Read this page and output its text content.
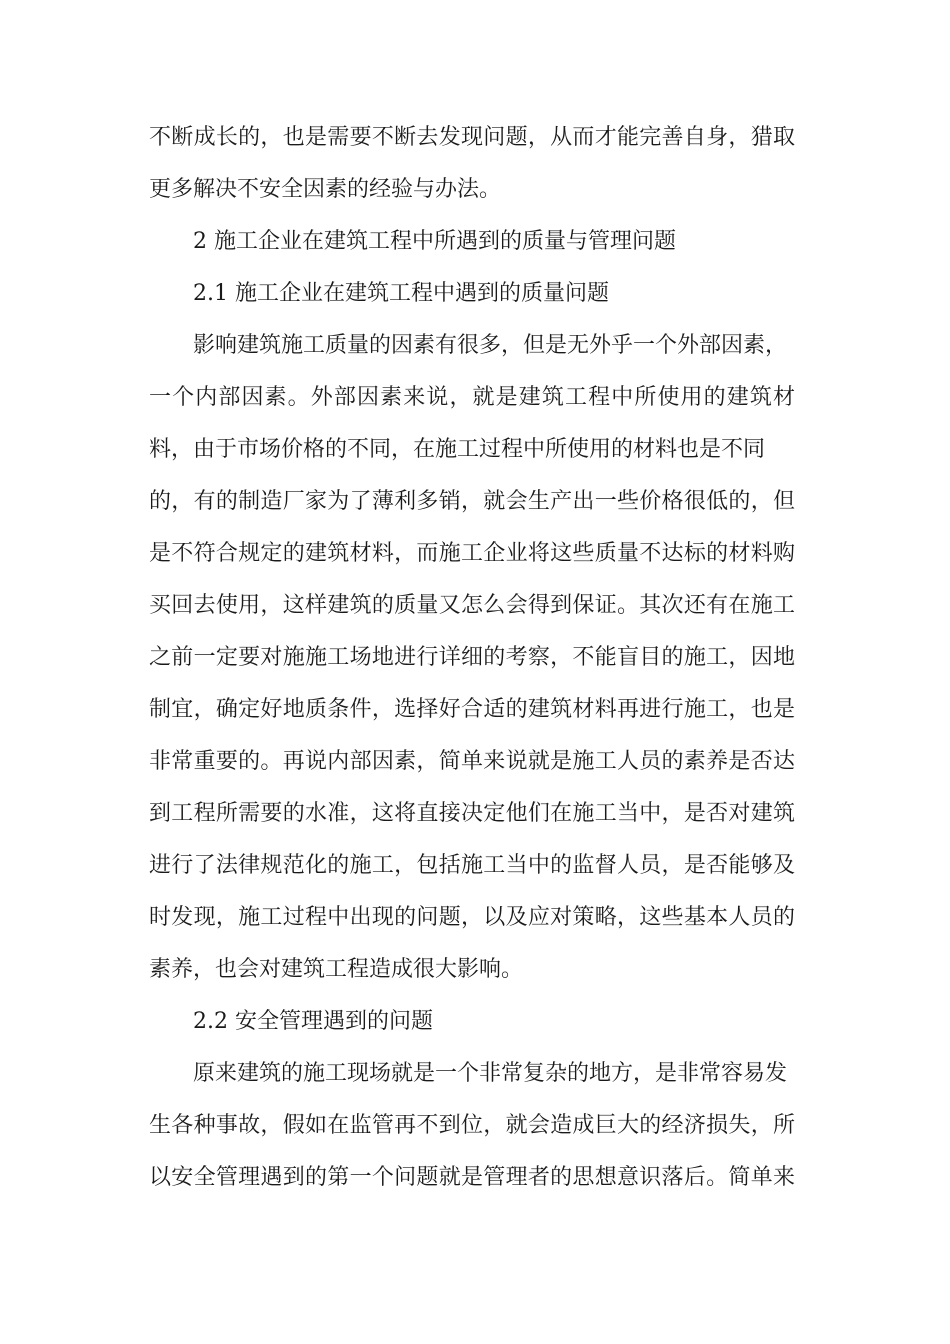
不断成长的，也是需要不断去发现问题，从而才能完善自身，猎取
更多解决不安全因素的经验与办法。
2 施工企业在建筑工程中所遇到的质量与管理问题
2.1 施工企业在建筑工程中遇到的质量问题
影响建筑施工质量的因素有很多，但是无外乎一个外部因素，
一个内部因素。外部因素来说，就是建筑工程中所使用的建筑材
料，由于市场价格的不同，在施工过程中所使用的材料也是不同
的，有的制造厂家为了薄利多销，就会生产出一些价格很低的，但
是不符合规定的建筑材料，而施工企业将这些质量不达标的材料购
买回去使用，这样建筑的质量又怎么会得到保证。其次还有在施工
之前一定要对施施工场地进行详细的考察，不能盲目的施工，因地
制宜，确定好地质条件，选择好合适的建筑材料再进行施工，也是
非常重要的。再说内部因素，简单来说就是施工人员的素养是否达
到工程所需要的水准，这将直接决定他们在施工当中，是否对建筑
进行了法律规范化的施工，包括施工当中的监督人员，是否能够及
时发现，施工过程中出现的问题，以及应对策略，这些基本人员的
素养，也会对建筑工程造成很大影响。
2.2 安全管理遇到的问题
原来建筑的施工现场就是一个非常复杂的地方，是非常容易发
生各种事故，假如在监管再不到位，就会造成巨大的经济损失，所
以安全管理遇到的第一个问题就是管理者的思想意识落后。简单来
